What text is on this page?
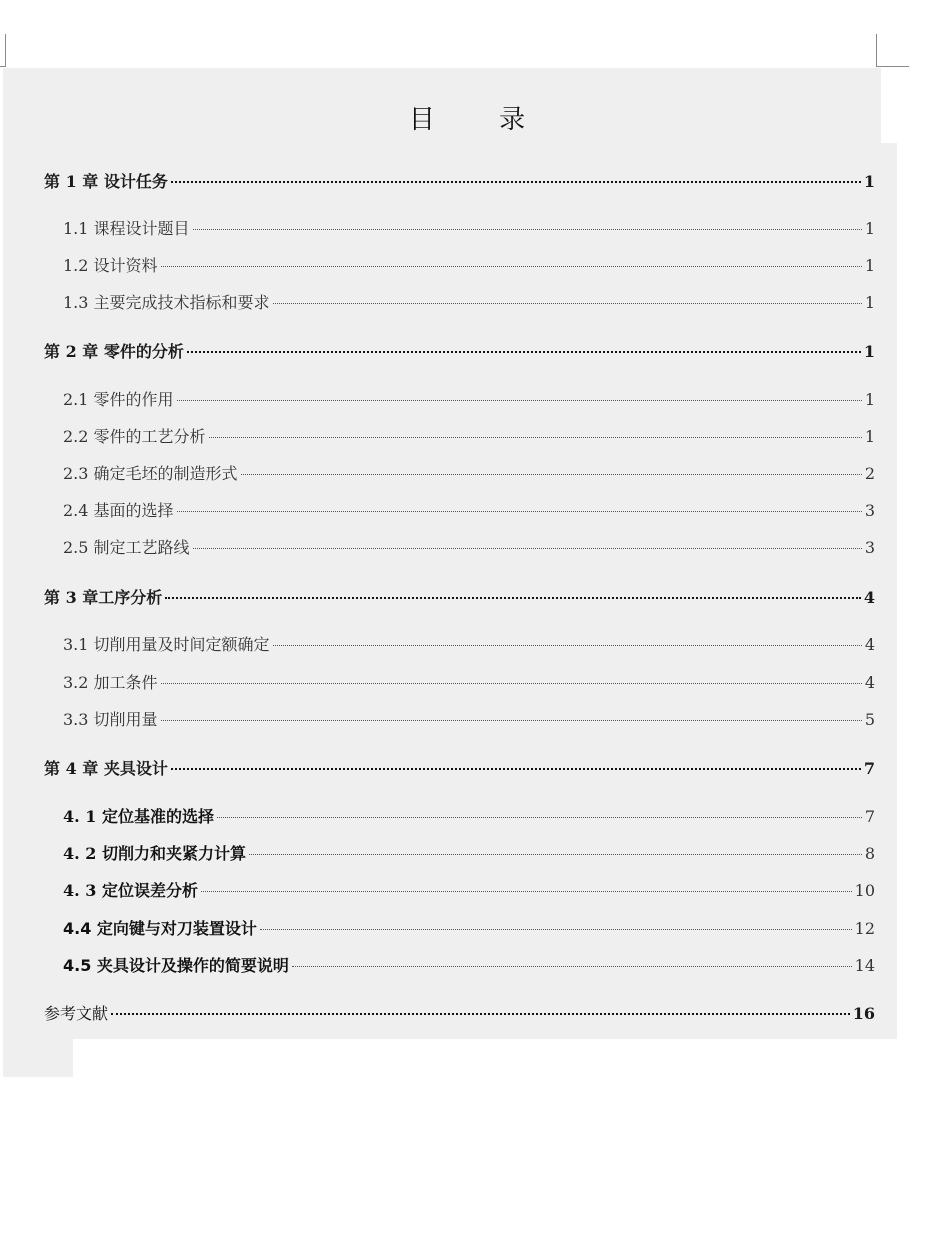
目 录
第 1 章 设计任务	1
1.1 课程设计题目	1
1.2 设计资料	1
1.3 主要完成技术指标和要求	1
第 2 章 零件的分析	1
2.1 零件的作用	1
2.2 零件的工艺分析	1
2.3 确定毛坯的制造形式	2
2.4 基面的选择	3
2.5 制定工艺路线	3
第 3 章工序分析	4
3.1 切削用量及时间定额确定	4
3.2 加工条件	4
3.3 切削用量	5
第 4 章 夹具设计	7
4. 1 定位基准的选择	7
4. 2 切削力和夹紧力计算	8
4. 3 定位误差分析	10
4.4 定向键与对刀装置设计	12
4.5 夹具设计及操作的简要说明	14
参考文献	16
